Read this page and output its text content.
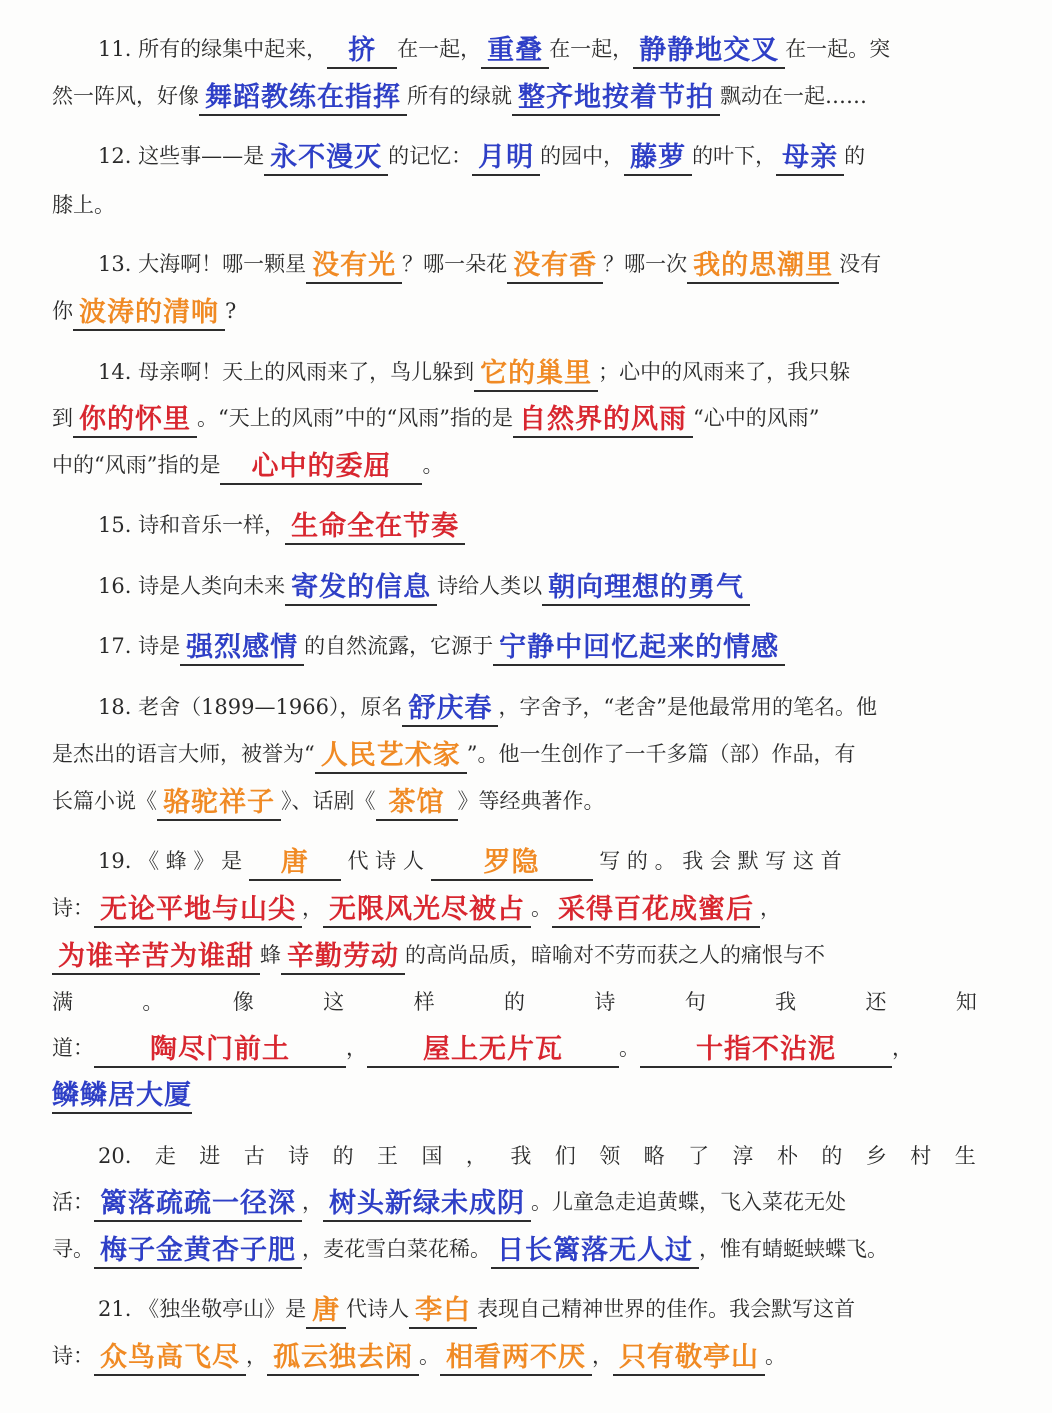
11. 所有的绿集中起来， 挤 在一起， 重叠 在一起， 静静地交叉 在一起。突
然一阵风，好像 舞蹈教练在指挥 所有的绿就 整齐地按着节拍 飘动在一起……
12. 这些事——是 永不漫灭 的记忆： 月明 的园中， 藤萝 的叶下， 母亲 的
膝上。
13. 大海啊！哪一颗星 没有光 ？哪一朵花 没有香 ？哪一次 我的思潮里 没有
你 波涛的清响 ?
14. 母亲啊！天上的风雨来了，鸟儿躲到 它的巢里 ；心中的风雨来了，我只躲
到 你的怀里 。“天上的风雨”中的“风雨”指的是 自然界的风雨 “心中的风雨”
中的“风雨”指的是 心中的委屈 。
15. 诗和音乐一样， 生命全在节奏
16. 诗是人类向未来 寄发的信息 诗给人类以 朝向理想的勇气
17. 诗是 强烈感情 的自然流露，它源于 宁静中回忆起来的情感
18. 老舍（1899—1966），原名 舒庆春 ，字舍予，“老舍”是他最常用的笔名。他
是杰出的语言大师，被誉为“ 人民艺术家 ”。他一生创作了一千多篇（部）作品，有
长篇小说《 骆驼祥子 》、话剧《 茶馆 》等经典著作。
19. 《 蜂 》 是 唐 代 诗 人 罗隐	写 的 。 我 会 默 写 这 首
诗： 无论平地与山尖 ， 无限风光尽被占 。 采得百花成蜜后 ，
为谁辛苦为谁甜 蜂 辛勤劳动 的高尚品质，暗喻对不劳而获之人的痛恨与不
满	。	像	这	样	的	诗	句	我	还	知
道： 陶尽门前土	， 屋上无片瓦	。 十指不沾泥	，
鳞鳞居大厦
20. 走 进 古 诗 的 王 国 ， 我 们 领 略 了 淳 朴 的 乡 村 生
活： 篱落疏疏一径深 ， 树头新绿未成阴 。儿童急走追黄蝶，飞入菜花无处
寻。 梅子金黄杏子肥 ，麦花雪白菜花稀。 日长篱落无人过 ，惟有蜻蜓蛱蝶飞。
21. 《独坐敬亭山》是 唐 代诗人 李白 表现自己精神世界的佳作。我会默写这首
诗： 众鸟高飞尽 ， 孤云独去闲 。 相看两不厌 ， 只有敬亭山 。
